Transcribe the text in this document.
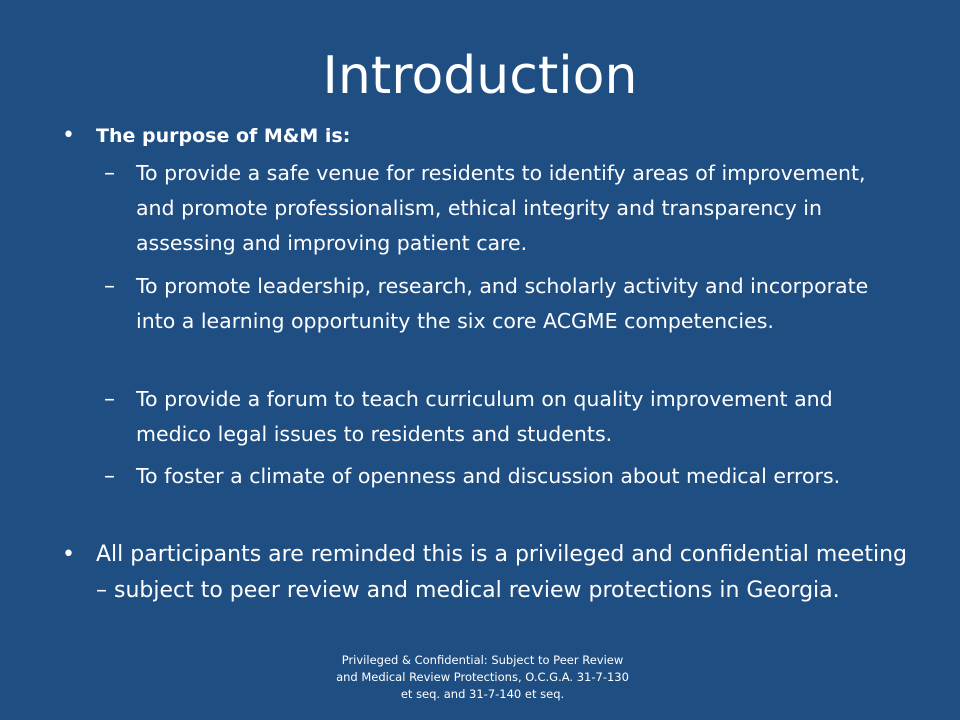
Introduction
•	The purpose of M&M is:
–	To provide a safe venue for residents to identify areas of improvement, and promote professionalism, ethical integrity and transparency in assessing and improving patient care.
–	To promote leadership, research, and scholarly activity and incorporate into a learning opportunity the six core ACGME competencies.
–	To provide a forum to teach curriculum on quality improvement and medico legal issues to residents and students.
–	To foster a climate of openness and discussion about medical errors.
• All participants are reminded this is a privileged and confidential meeting – subject to peer review and medical review protections in Georgia.
Privileged & Confidential: Subject to Peer Review and Medical Review Protections, O.C.G.A. 31-7-130 et seq. and 31-7-140 et seq.
